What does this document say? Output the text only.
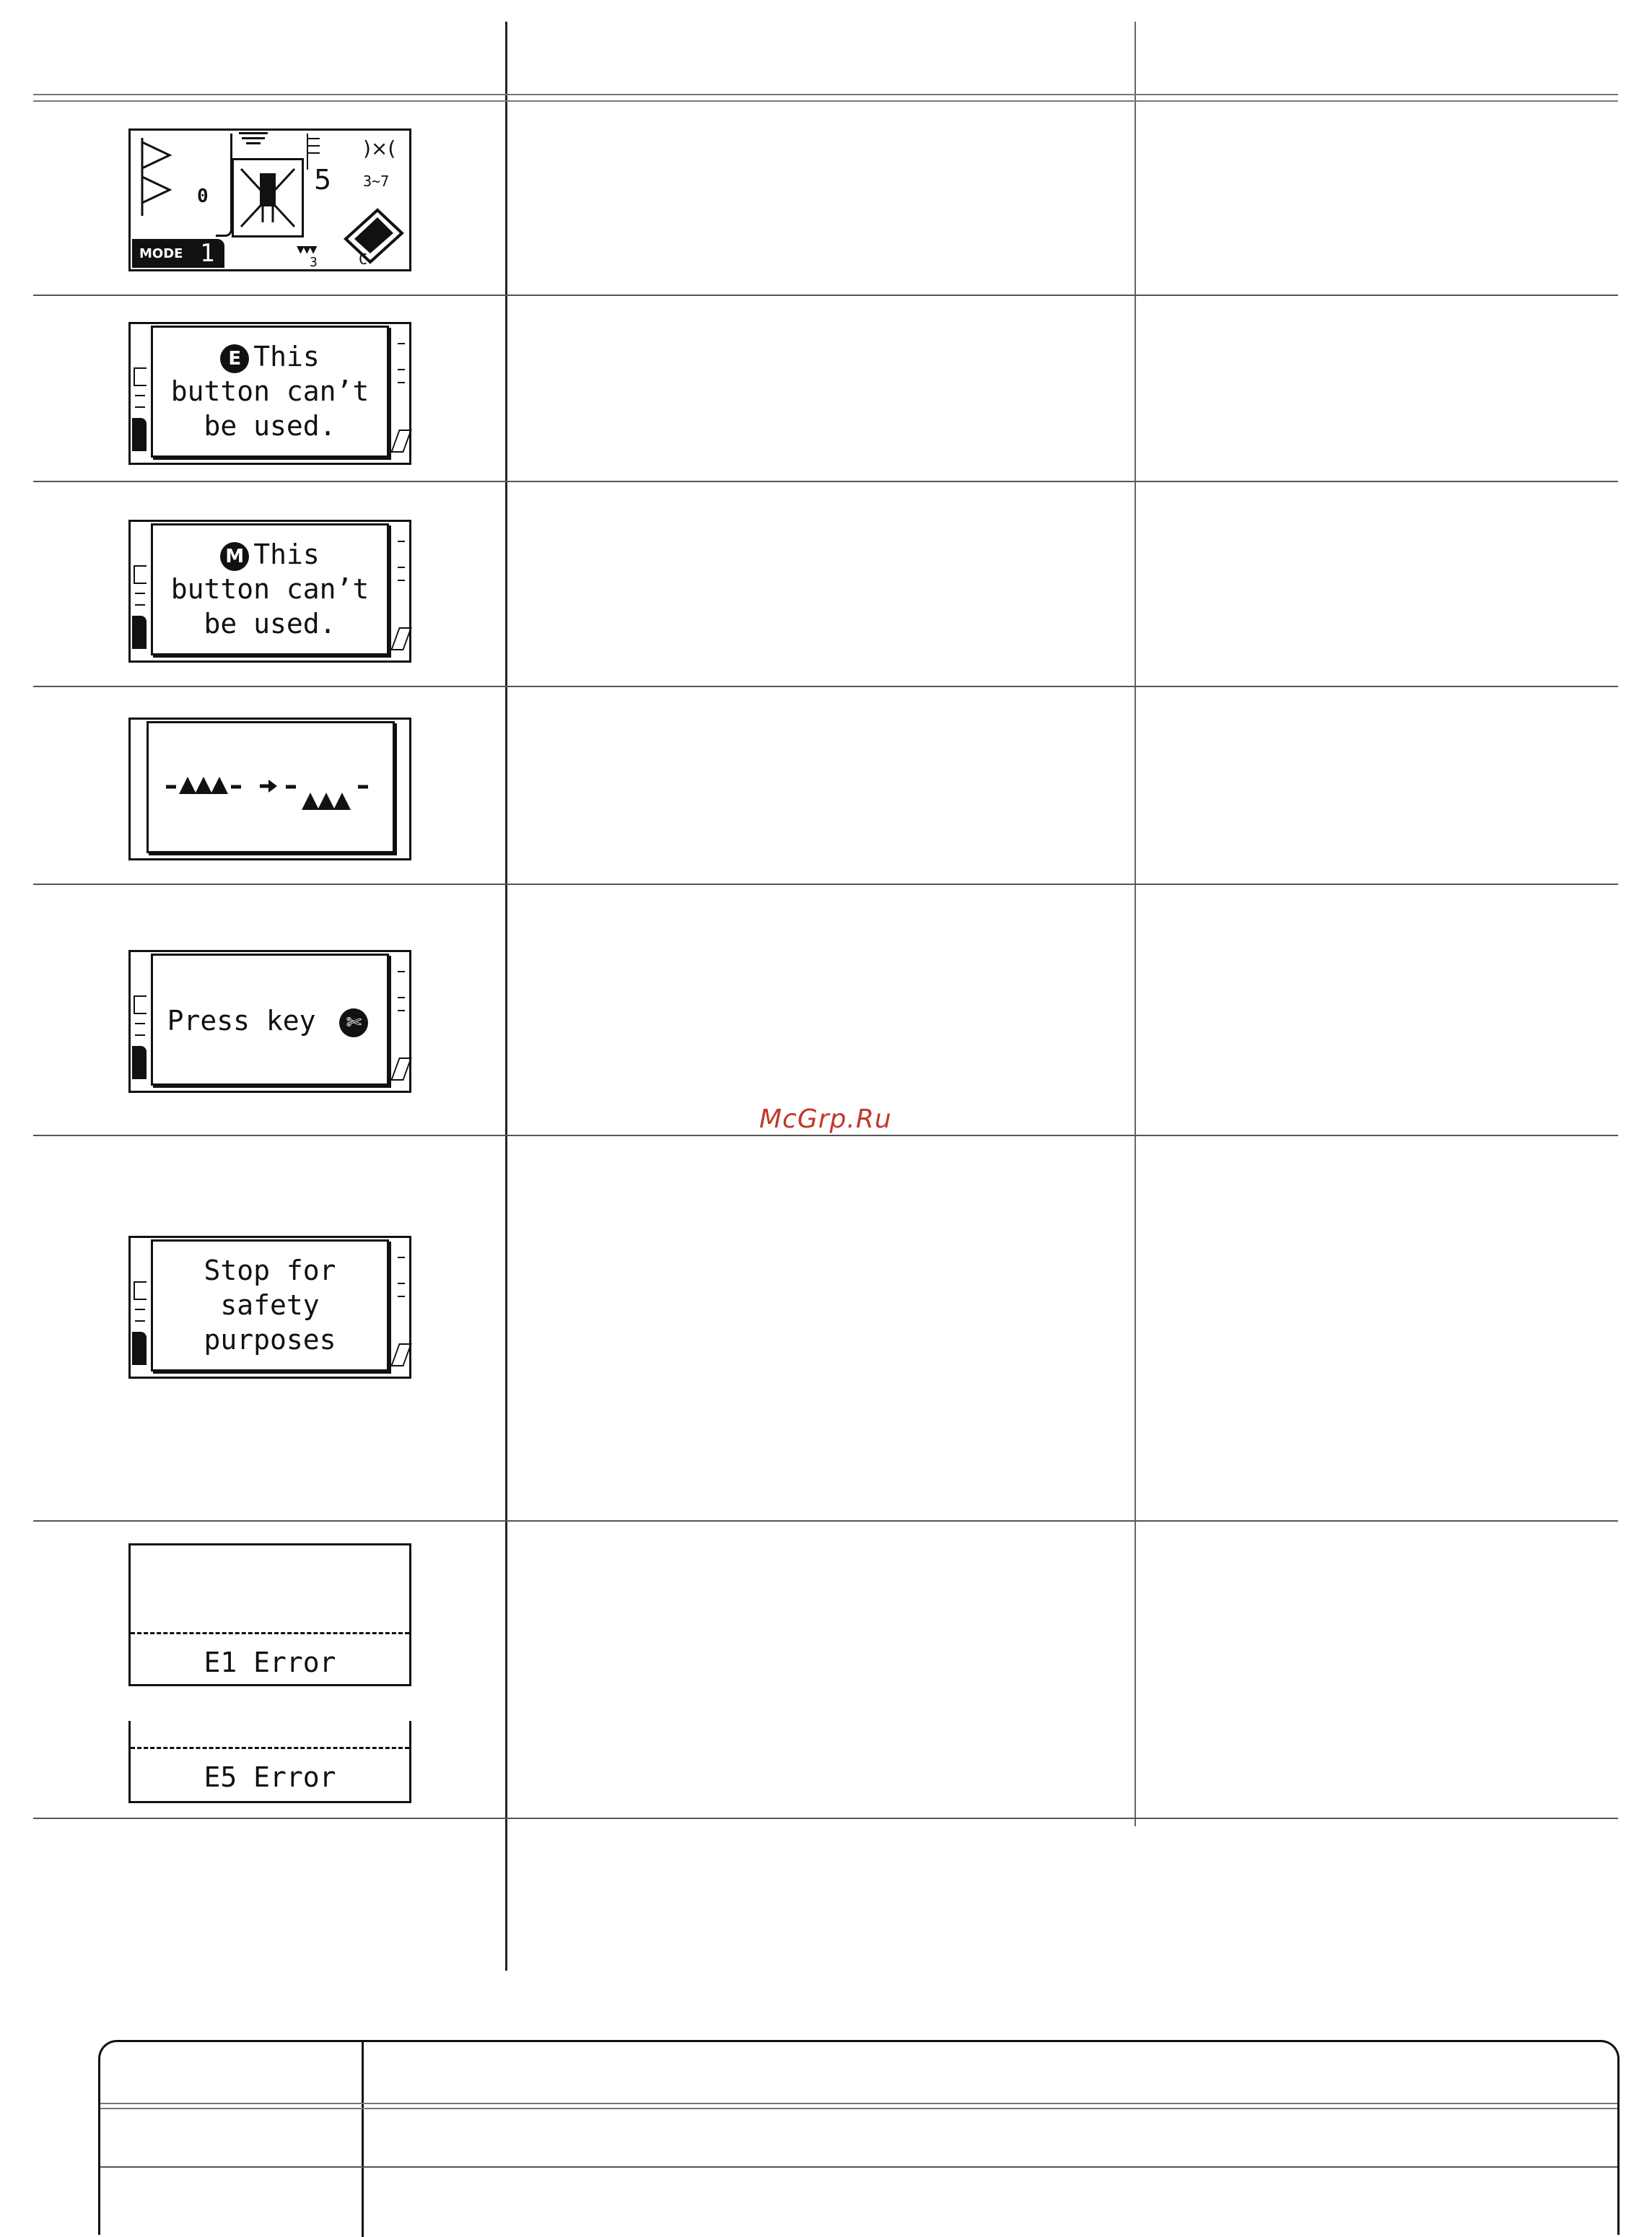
0
MODE 1
5
)×(
3~7
▼▼▼
3	C
E This
button can’t
be used.
M This
button can’t
be used.
Press key ✄
Stop for
safety
purposes
E1 Error
E5 Error
McGrp.Ru
